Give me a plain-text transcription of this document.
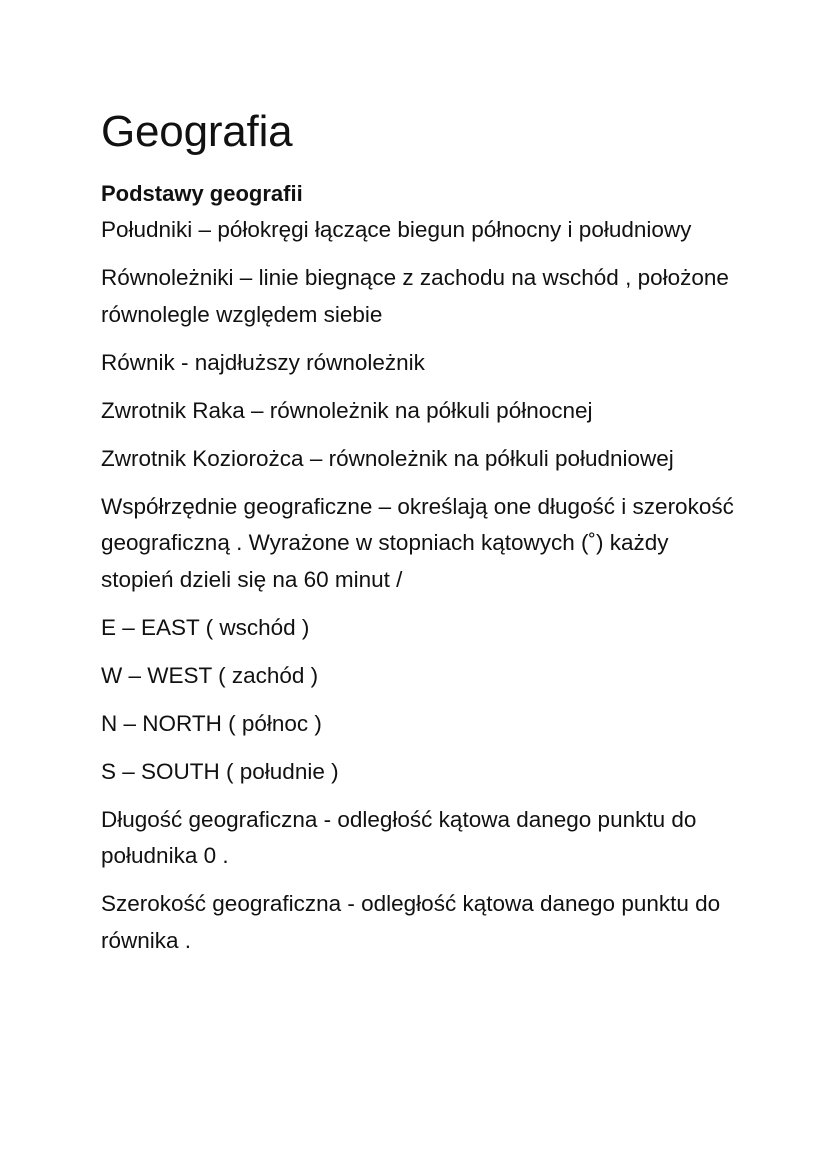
Geografia

Podstawy geografii

Południki – półokręgi łączące biegun północny i południowy

Równoleżniki – linie biegnące z zachodu na wschód , położone równolegle względem siebie

Równik - najdłuższy równoleżnik

Zwrotnik Raka – równoleżnik na półkuli północnej

Zwrotnik Koziorożca – równoleżnik na półkuli południowej

Współrzędnie geograficzne – określają one długość i szerokość geograficzną . Wyrażone w stopniach kątowych (˚) każdy stopień dzieli się na 60 minut /

E – EAST ( wschód )

W – WEST ( zachód )

N – NORTH ( północ )

S – SOUTH ( południe )

Długość geograficzna - odległość kątowa danego punktu do południka 0 .

Szerokość geograficzna - odległość kątowa danego punktu do równika .
